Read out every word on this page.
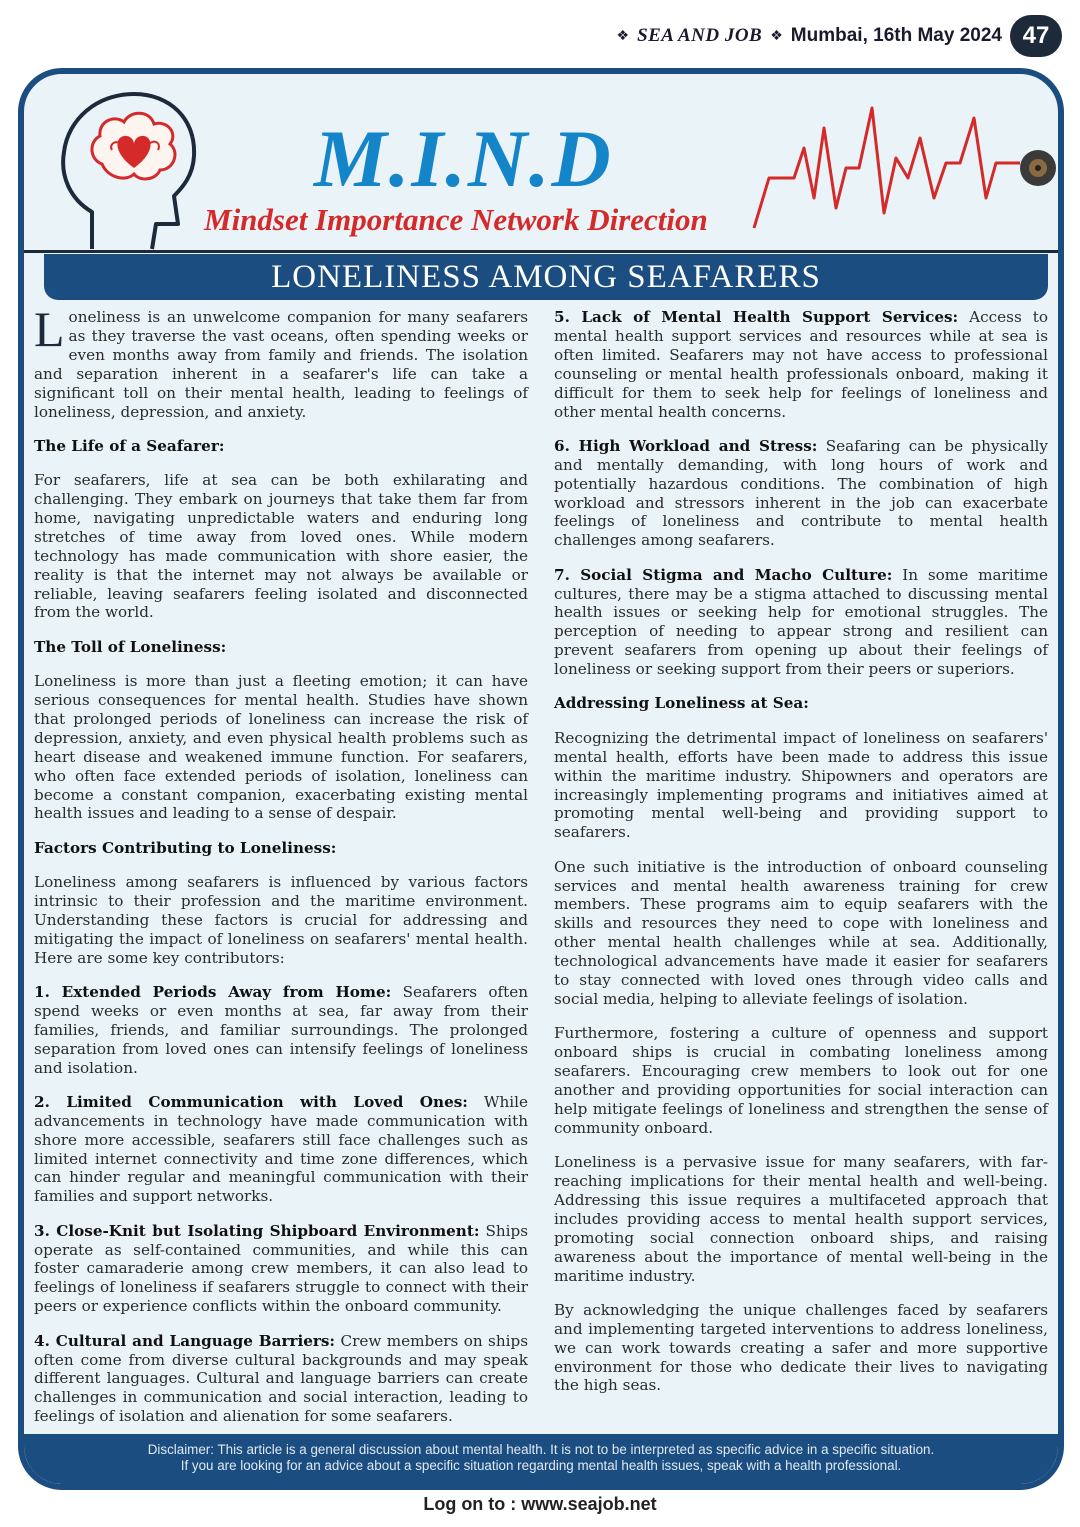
❖ SEA AND JOB ❖ Mumbai, 16th May 2024 47
M.I.N.D
Mindset Importance Network Direction
LONELINESS AMONG SEAFARERS

Loneliness is an unwelcome companion for many seafarers as they traverse the vast oceans, often spending weeks or even months away from family and friends. The isolation and separation inherent in a seafarer's life can take a significant toll on their mental health, leading to feelings of loneliness, depression, and anxiety.

The Life of a Seafarer:

For seafarers, life at sea can be both exhilarating and challenging. They embark on journeys that take them far from home, navigating unpredictable waters and enduring long stretches of time away from loved ones. While modern technology has made communication with shore easier, the reality is that the internet may not always be available or reliable, leaving seafarers feeling isolated and disconnected from the world.

The Toll of Loneliness:

Loneliness is more than just a fleeting emotion; it can have serious consequences for mental health. Studies have shown that prolonged periods of loneliness can increase the risk of depression, anxiety, and even physical health problems such as heart disease and weakened immune function. For seafarers, who often face extended periods of isolation, loneliness can become a constant companion, exacerbating existing mental health issues and leading to a sense of despair.

Factors Contributing to Loneliness:

Loneliness among seafarers is influenced by various factors intrinsic to their profession and the maritime environment. Understanding these factors is crucial for addressing and mitigating the impact of loneliness on seafarers' mental health. Here are some key contributors:

1. Extended Periods Away from Home: Seafarers often spend weeks or even months at sea, far away from their families, friends, and familiar surroundings. The prolonged separation from loved ones can intensify feelings of loneliness and isolation.

2. Limited Communication with Loved Ones: While advancements in technology have made communication with shore more accessible, seafarers still face challenges such as limited internet connectivity and time zone differences, which can hinder regular and meaningful communication with their families and support networks.

3. Close-Knit but Isolating Shipboard Environment: Ships operate as self-contained communities, and while this can foster camaraderie among crew members, it can also lead to feelings of loneliness if seafarers struggle to connect with their peers or experience conflicts within the onboard community.

4. Cultural and Language Barriers: Crew members on ships often come from diverse cultural backgrounds and may speak different languages. Cultural and language barriers can create challenges in communication and social interaction, leading to feelings of isolation and alienation for some seafarers.

5. Lack of Mental Health Support Services: Access to mental health support services and resources while at sea is often limited. Seafarers may not have access to professional counseling or mental health professionals onboard, making it difficult for them to seek help for feelings of loneliness and other mental health concerns.

6. High Workload and Stress: Seafaring can be physically and mentally demanding, with long hours of work and potentially hazardous conditions. The combination of high workload and stressors inherent in the job can exacerbate feelings of loneliness and contribute to mental health challenges among seafarers.

7. Social Stigma and Macho Culture: In some maritime cultures, there may be a stigma attached to discussing mental health issues or seeking help for emotional struggles. The perception of needing to appear strong and resilient can prevent seafarers from opening up about their feelings of loneliness or seeking support from their peers or superiors.

Addressing Loneliness at Sea:

Recognizing the detrimental impact of loneliness on seafarers' mental health, efforts have been made to address this issue within the maritime industry. Shipowners and operators are increasingly implementing programs and initiatives aimed at promoting mental well-being and providing support to seafarers.

One such initiative is the introduction of onboard counseling services and mental health awareness training for crew members. These programs aim to equip seafarers with the skills and resources they need to cope with loneliness and other mental health challenges while at sea. Additionally, technological advancements have made it easier for seafarers to stay connected with loved ones through video calls and social media, helping to alleviate feelings of isolation.

Furthermore, fostering a culture of openness and support onboard ships is crucial in combating loneliness among seafarers. Encouraging crew members to look out for one another and providing opportunities for social interaction can help mitigate feelings of loneliness and strengthen the sense of community onboard.

Loneliness is a pervasive issue for many seafarers, with far-reaching implications for their mental health and well-being. Addressing this issue requires a multifaceted approach that includes providing access to mental health support services, promoting social connection onboard ships, and raising awareness about the importance of mental well-being in the maritime industry.

By acknowledging the unique challenges faced by seafarers and implementing targeted interventions to address loneliness, we can work towards creating a safer and more supportive environment for those who dedicate their lives to navigating the high seas.

Disclaimer: This article is a general discussion about mental health. It is not to be interpreted as specific advice in a specific situation.
If you are looking for an advice about a specific situation regarding mental health issues, speak with a health professional.
Log on to : www.seajob.net
